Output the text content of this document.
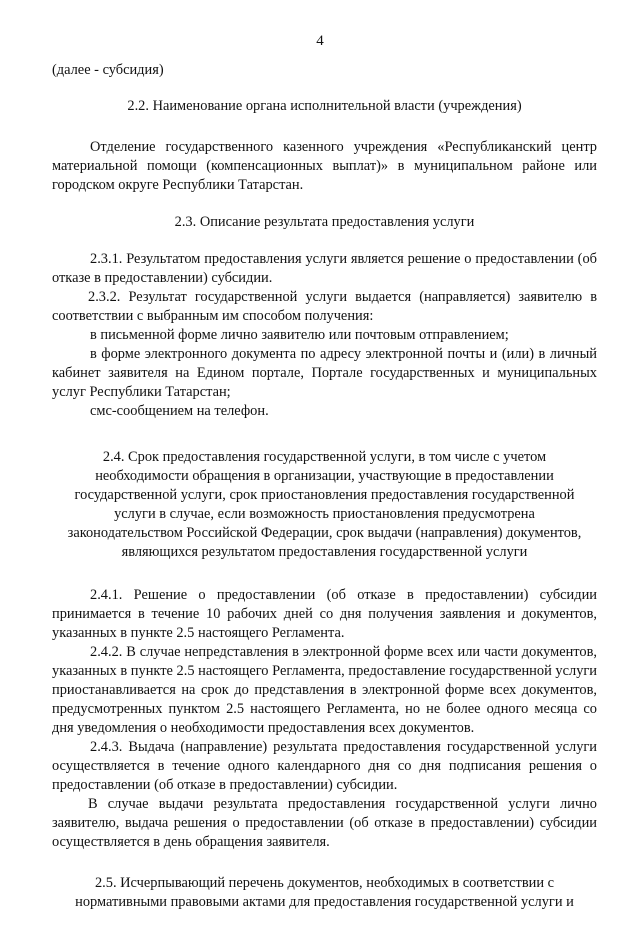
4

(далее - субсидия)

2.2. Наименование органа исполнительной власти (учреждения)

Отделение государственного казенного учреждения «Республиканский центр материальной помощи (компенсационных выплат)» в муниципальном районе или городском округе Республики Татарстан.

2.3. Описание результата предоставления услуги

2.3.1. Результатом предоставления услуги является решение о предоставлении (об отказе в предоставлении) субсидии.

2.3.2. Результат государственной услуги выдается (направляется) заявителю в соответствии с выбранным им способом получения:

в письменной форме лично заявителю или почтовым отправлением;

в форме электронного документа по адресу электронной почты и (или) в личный кабинет заявителя на Едином портале, Портале государственных и муниципальных услуг Республики Татарстан;

смс-сообщением на телефон.

2.4. Срок предоставления государственной услуги, в том числе с учетом необходимости обращения в организации, участвующие в предоставлении государственной услуги, срок приостановления предоставления государственной услуги в случае, если возможность приостановления предусмотрена законодательством Российской Федерации, срок выдачи (направления) документов, являющихся результатом предоставления государственной услуги

2.4.1. Решение о предоставлении (об отказе в предоставлении) субсидии принимается в течение 10 рабочих дней со дня получения заявления и документов, указанных в пункте 2.5 настоящего Регламента.

2.4.2. В случае непредставления в электронной форме всех или части документов, указанных в пункте 2.5 настоящего Регламента, предоставление государственной услуги приостанавливается на срок до представления в электронной форме всех документов, предусмотренных пунктом 2.5 настоящего Регламента, но не более одного месяца со дня уведомления о необходимости предоставления всех документов.

2.4.3. Выдача (направление) результата предоставления государственной услуги осуществляется в течение одного календарного дня со дня подписания решения о предоставлении (об отказе в предоставлении) субсидии.

В случае выдачи результата предоставления государственной услуги лично заявителю, выдача решения о предоставлении (об отказе в предоставлении) субсидии осуществляется в день обращения заявителя.

2.5. Исчерпывающий перечень документов, необходимых в соответствии с нормативными правовыми актами для предоставления государственной услуги и
